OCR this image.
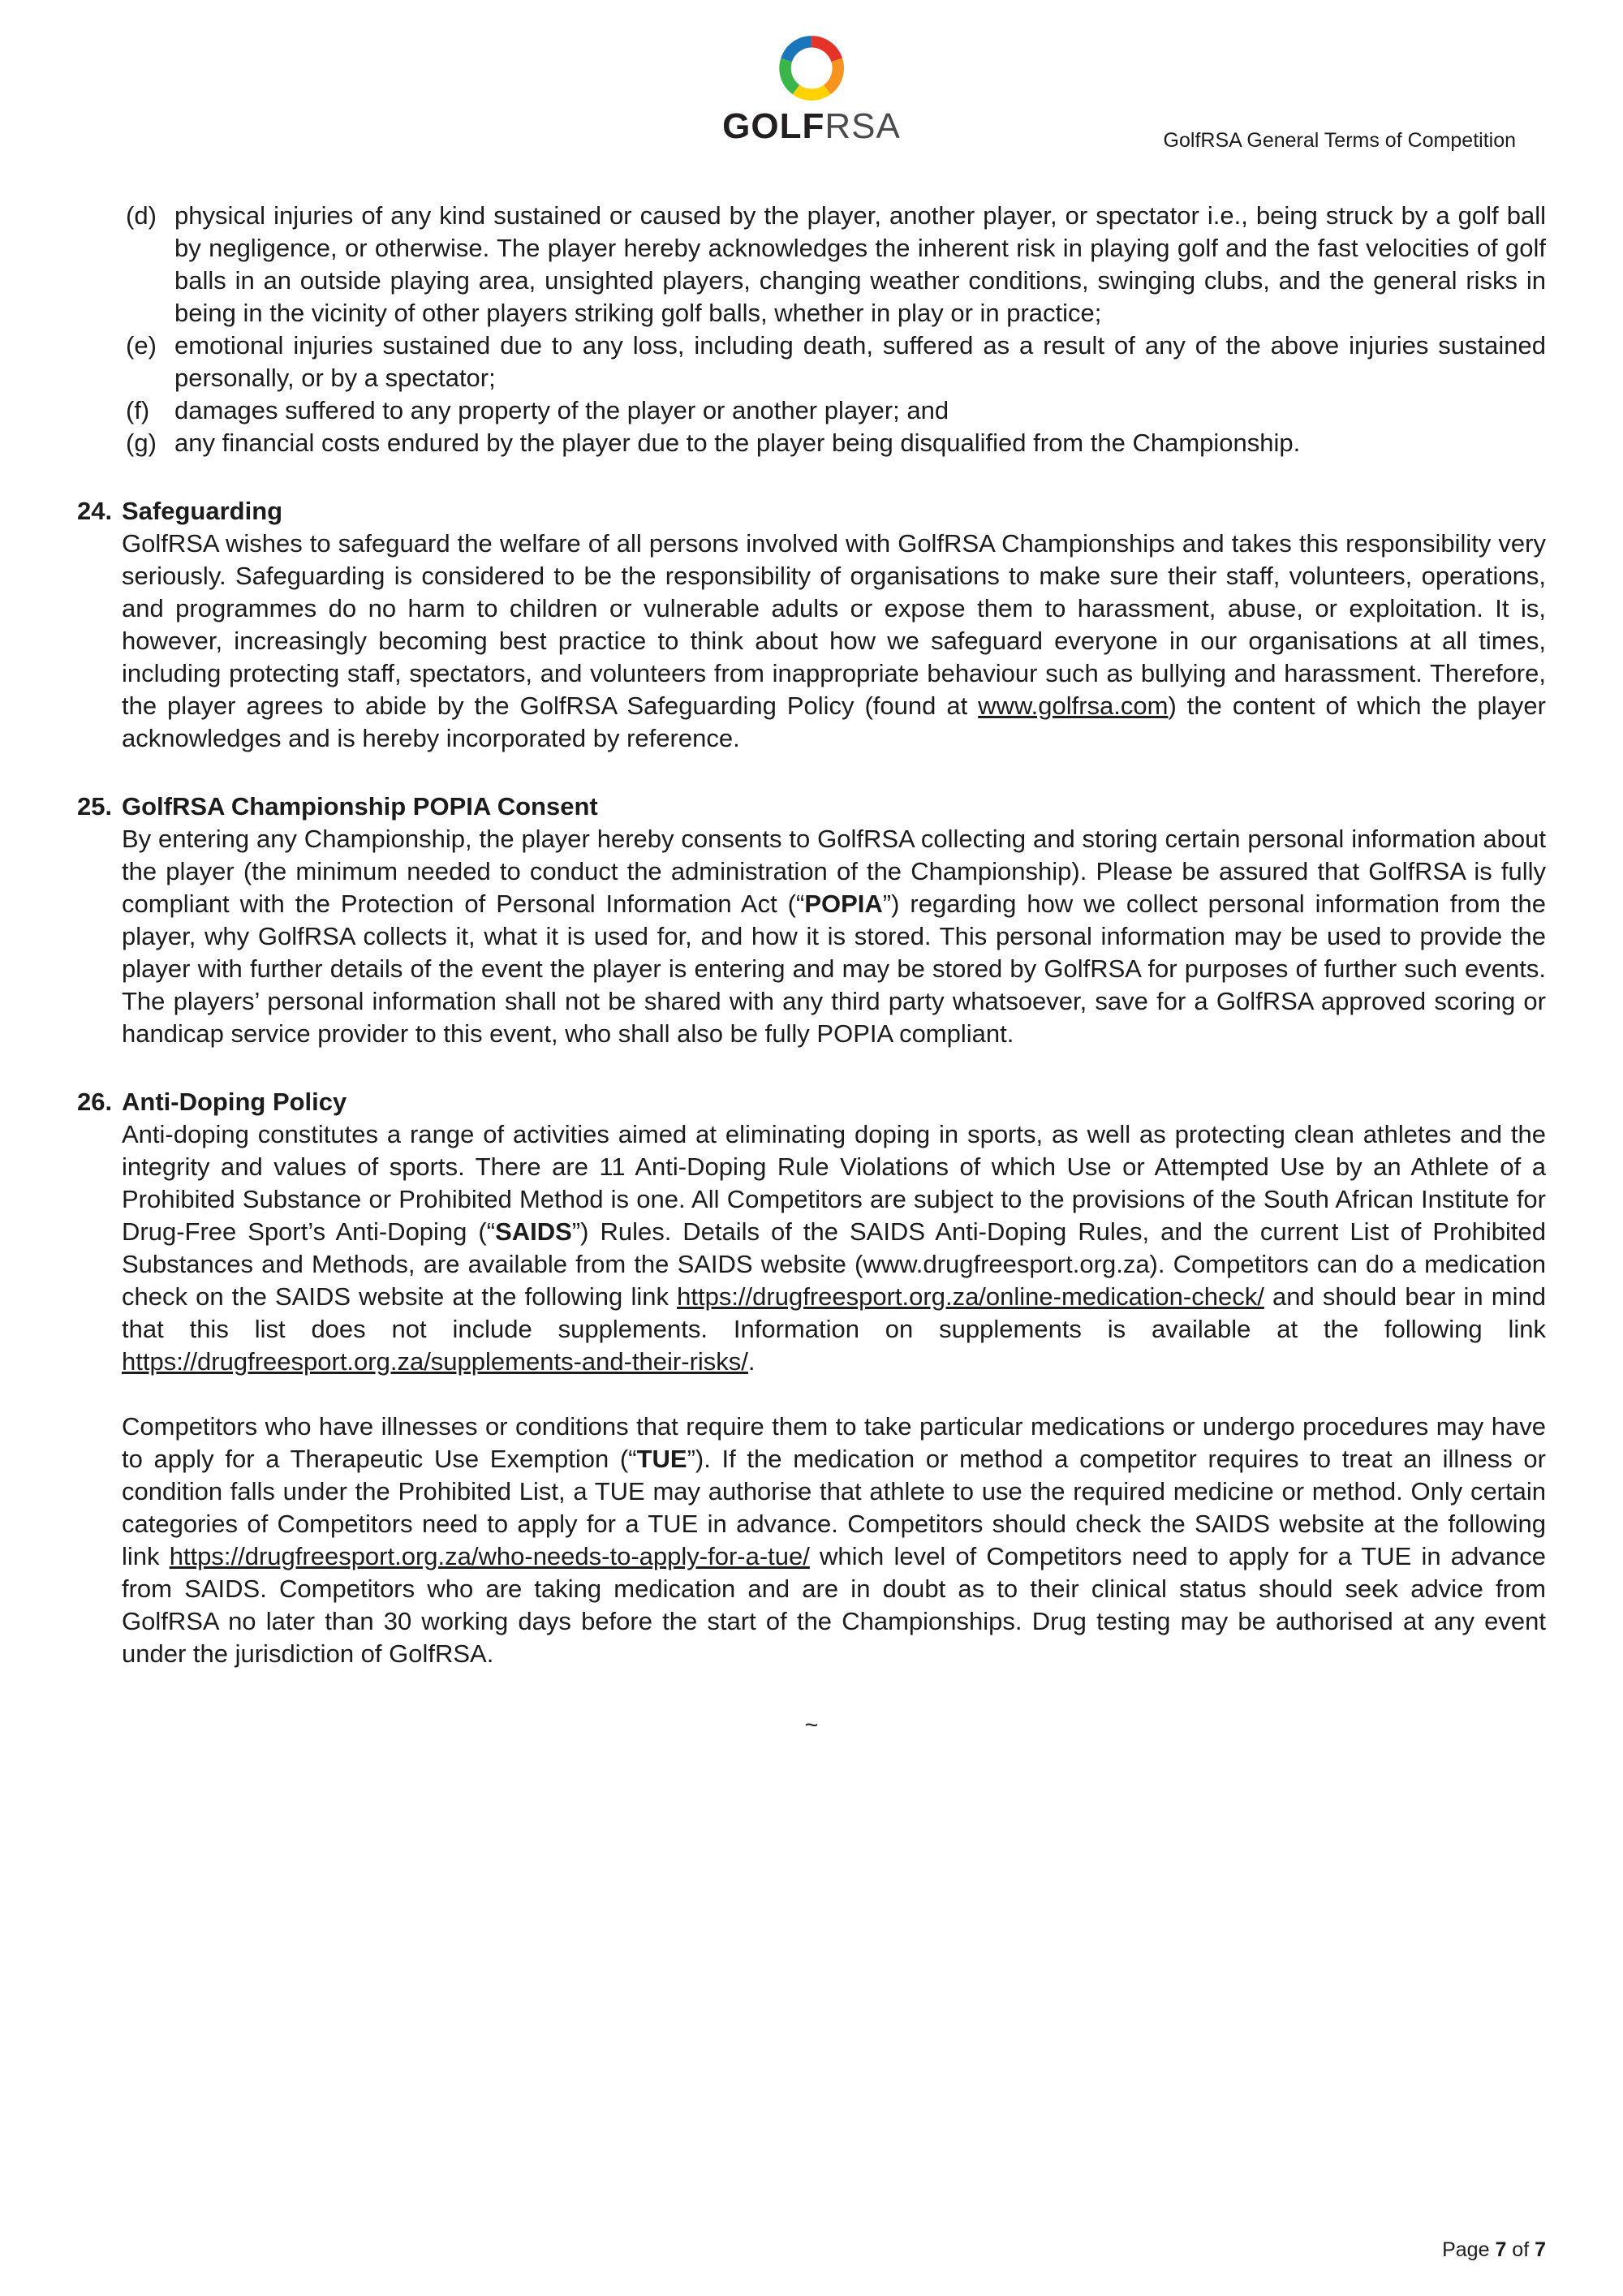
GOLFRSA	GolfRSA General Terms of Competition
(d) physical injuries of any kind sustained or caused by the player, another player, or spectator i.e., being struck by a golf ball by negligence, or otherwise. The player hereby acknowledges the inherent risk in playing golf and the fast velocities of golf balls in an outside playing area, unsighted players, changing weather conditions, swinging clubs, and the general risks in being in the vicinity of other players striking golf balls, whether in play or in practice;
(e) emotional injuries sustained due to any loss, including death, suffered as a result of any of the above injuries sustained personally, or by a spectator;
(f) damages suffered to any property of the player or another player; and
(g) any financial costs endured by the player due to the player being disqualified from the Championship.
24. Safeguarding

GolfRSA wishes to safeguard the welfare of all persons involved with GolfRSA Championships and takes this responsibility very seriously. Safeguarding is considered to be the responsibility of organisations to make sure their staff, volunteers, operations, and programmes do no harm to children or vulnerable adults or expose them to harassment, abuse, or exploitation. It is, however, increasingly becoming best practice to think about how we safeguard everyone in our organisations at all times, including protecting staff, spectators, and volunteers from inappropriate behaviour such as bullying and harassment. Therefore, the player agrees to abide by the GolfRSA Safeguarding Policy (found at www.golfrsa.com) the content of which the player acknowledges and is hereby incorporated by reference.

25. GolfRSA Championship POPIA Consent

By entering any Championship, the player hereby consents to GolfRSA collecting and storing certain personal information about the player (the minimum needed to conduct the administration of the Championship). Please be assured that GolfRSA is fully compliant with the Protection of Personal Information Act (“POPIA”) regarding how we collect personal information from the player, why GolfRSA collects it, what it is used for, and how it is stored. This personal information may be used to provide the player with further details of the event the player is entering and may be stored by GolfRSA for purposes of further such events. The players’ personal information shall not be shared with any third party whatsoever, save for a GolfRSA approved scoring or handicap service provider to this event, who shall also be fully POPIA compliant.

26. Anti-Doping Policy

Anti-doping constitutes a range of activities aimed at eliminating doping in sports, as well as protecting clean athletes and the integrity and values of sports. There are 11 Anti-Doping Rule Violations of which Use or Attempted Use by an Athlete of a Prohibited Substance or Prohibited Method is one. All Competitors are subject to the provisions of the South African Institute for Drug-Free Sport’s Anti-Doping (“SAIDS”) Rules. Details of the SAIDS Anti-Doping Rules, and the current List of Prohibited Substances and Methods, are available from the SAIDS website (www.drugfreesport.org.za). Competitors can do a medication check on the SAIDS website at the following link https://drugfreesport.org.za/online-medication-check/ and should bear in mind that this list does not include supplements. Information on supplements is available at the following link https://drugfreesport.org.za/supplements-and-their-risks/.

Competitors who have illnesses or conditions that require them to take particular medications or undergo procedures may have to apply for a Therapeutic Use Exemption (“TUE”). If the medication or method a competitor requires to treat an illness or condition falls under the Prohibited List, a TUE may authorise that athlete to use the required medicine or method. Only certain categories of Competitors need to apply for a TUE in advance. Competitors should check the SAIDS website at the following link https://drugfreesport.org.za/who-needs-to-apply-for-a-tue/ which level of Competitors need to apply for a TUE in advance from SAIDS. Competitors who are taking medication and are in doubt as to their clinical status should seek advice from GolfRSA no later than 30 working days before the start of the Championships. Drug testing may be authorised at any event under the jurisdiction of GolfRSA.

~
Page 7 of 7
